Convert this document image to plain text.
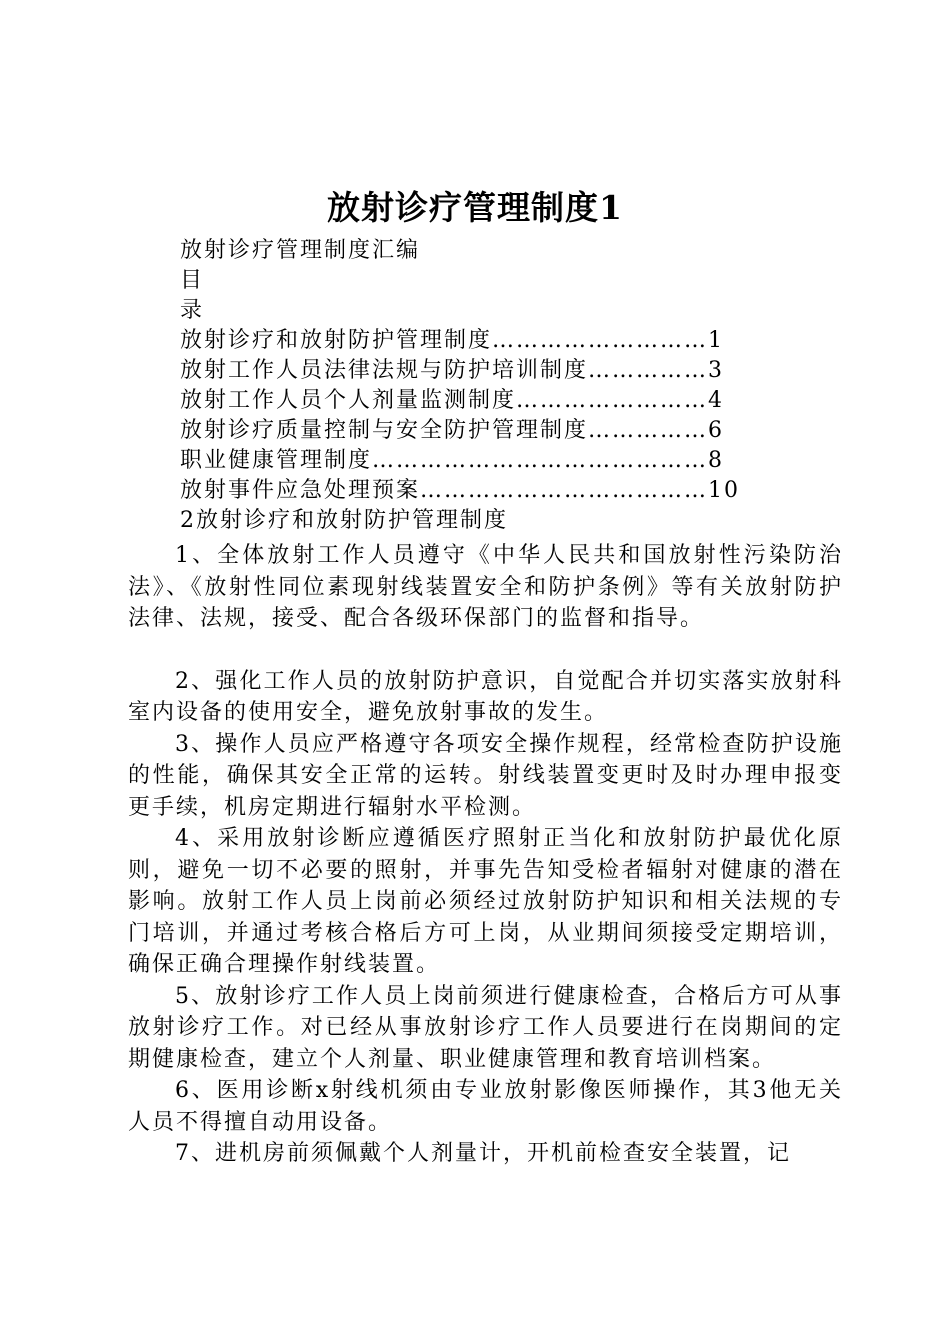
放射诊疗管理制度1
放射诊疗管理制度汇编
目
录
放射诊疗和放射防护管理制度………………………1
放射工作人员法律法规与防护培训制度……………3
放射工作人员个人剂量监测制度……………………4
放射诊疗质量控制与安全防护管理制度……………6
职业健康管理制度……………………………………8
放射事件应急处理预案………………………………10
2放射诊疗和放射防护管理制度

1、全体放射工作人员遵守《中华人民共和国放射性污染防治法》、《放射性同位素现射线装置安全和防护条例》等有关放射防护法律、法规，接受、配合各级环保部门的监督和指导。

2、强化工作人员的放射防护意识，自觉配合并切实落实放射科室内设备的使用安全，避免放射事故的发生。

3、操作人员应严格遵守各项安全操作规程，经常检查防护设施的性能，确保其安全正常的运转。射线装置变更时及时办理申报变更手续，机房定期进行辐射水平检测。

4、采用放射诊断应遵循医疗照射正当化和放射防护最优化原则，避免一切不必要的照射，并事先告知受检者辐射对健康的潜在影响。放射工作人员上岗前必须经过放射防护知识和相关法规的专门培训，并通过考核合格后方可上岗，从业期间须接受定期培训，确保正确合理操作射线装置。

5、放射诊疗工作人员上岗前须进行健康检查，合格后方可从事放射诊疗工作。对已经从事放射诊疗工作人员要进行在岗期间的定期健康检查，建立个人剂量、职业健康管理和教育培训档案。

6、医用诊断x射线机须由专业放射影像医师操作，其3他无关人员不得擅自动用设备。

7、进机房前须佩戴个人剂量计，开机前检查安全装置，记
